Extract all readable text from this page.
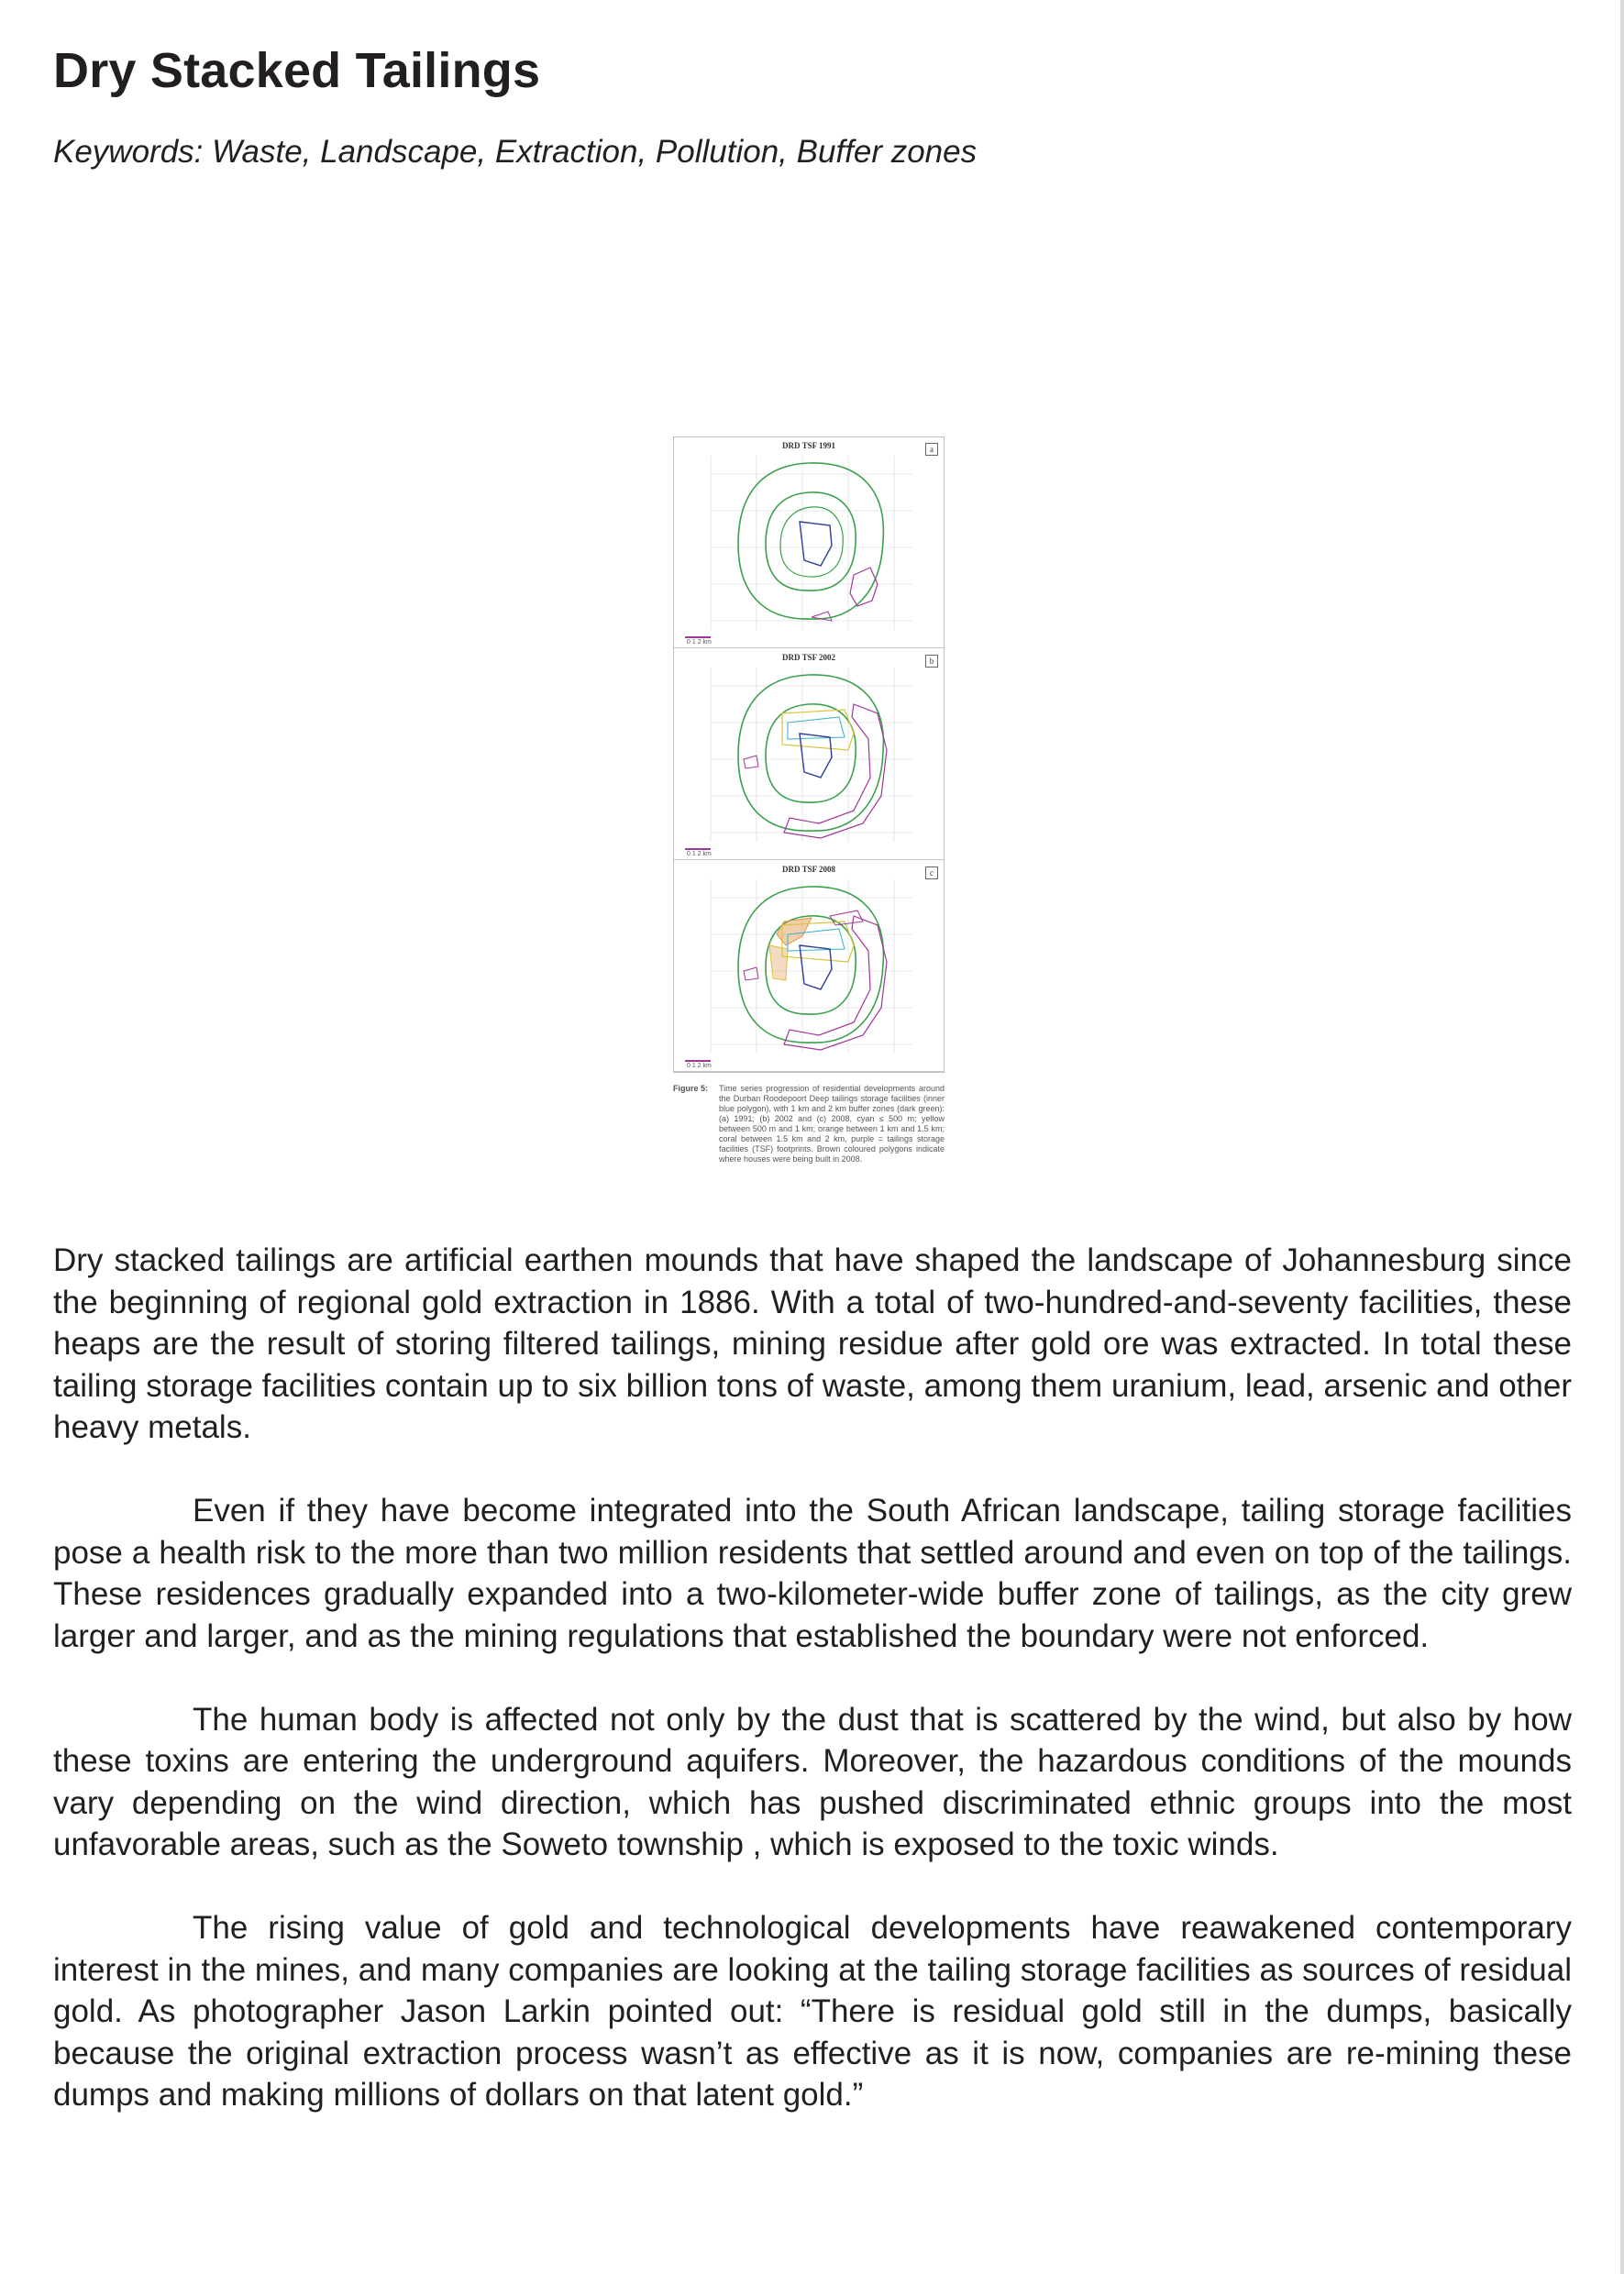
Dry Stacked Tailings
Keywords: Waste, Landscape, Extraction, Pollution, Buffer zones
DRD TSF 1991	a
0 1 2 km
DRD TSF 2002	b
0 1 2 km
DRD TSF 2008	c
0 1 2 km
Figure 5:	Time series progression of residential developments around the Durban Roodepoort Deep tailings storage facilities (inner blue polygon), with 1 km and 2 km buffer zones (dark green): (a) 1991; (b) 2002 and (c) 2008, cyan ≤ 500 m; yellow between 500 m and 1 km; orange between 1 km and 1.5 km; coral between 1.5 km and 2 km, purple = tailings storage facilities (TSF) footprints. Brown coloured polygons indicate where houses were being built in 2008.

Dry stacked tailings are artificial earthen mounds that have shaped the landscape of Johannesburg since the beginning of regional gold extraction in 1886. With a total of two-hundred-and-seventy facilities, these heaps are the result of storing filtered tailings, mining residue after gold ore was extracted. In total these tailing storage facilities contain up to six billion tons of waste, among them uranium, lead, arsenic and other heavy metals.

Even if they have become integrated into the South African landscape, tailing storage facilities pose a health risk to the more than two million residents that settled around and even on top of the tailings. These residences gradually expanded into a two-kilometer-wide buffer zone of tailings, as the city grew larger and larger, and as the mining regulations that established the boundary were not enforced.

The human body is affected not only by the dust that is scattered by the wind, but also by how these toxins are entering the underground aquifers. Moreover, the hazardous conditions of the mounds vary depending on the wind direction, which has pushed discriminated ethnic groups into the most unfavorable areas, such as the Soweto township , which is exposed to the toxic winds.

The rising value of gold and technological developments have reawakened contemporary interest in the mines, and many companies are looking at the tailing storage facilities as sources of residual gold. As photographer Jason Larkin pointed out: “There is residual gold still in the dumps, basically because the original extraction process wasn’t as effective as it is now, companies are re-mining these dumps and making millions of dollars on that latent gold.”
